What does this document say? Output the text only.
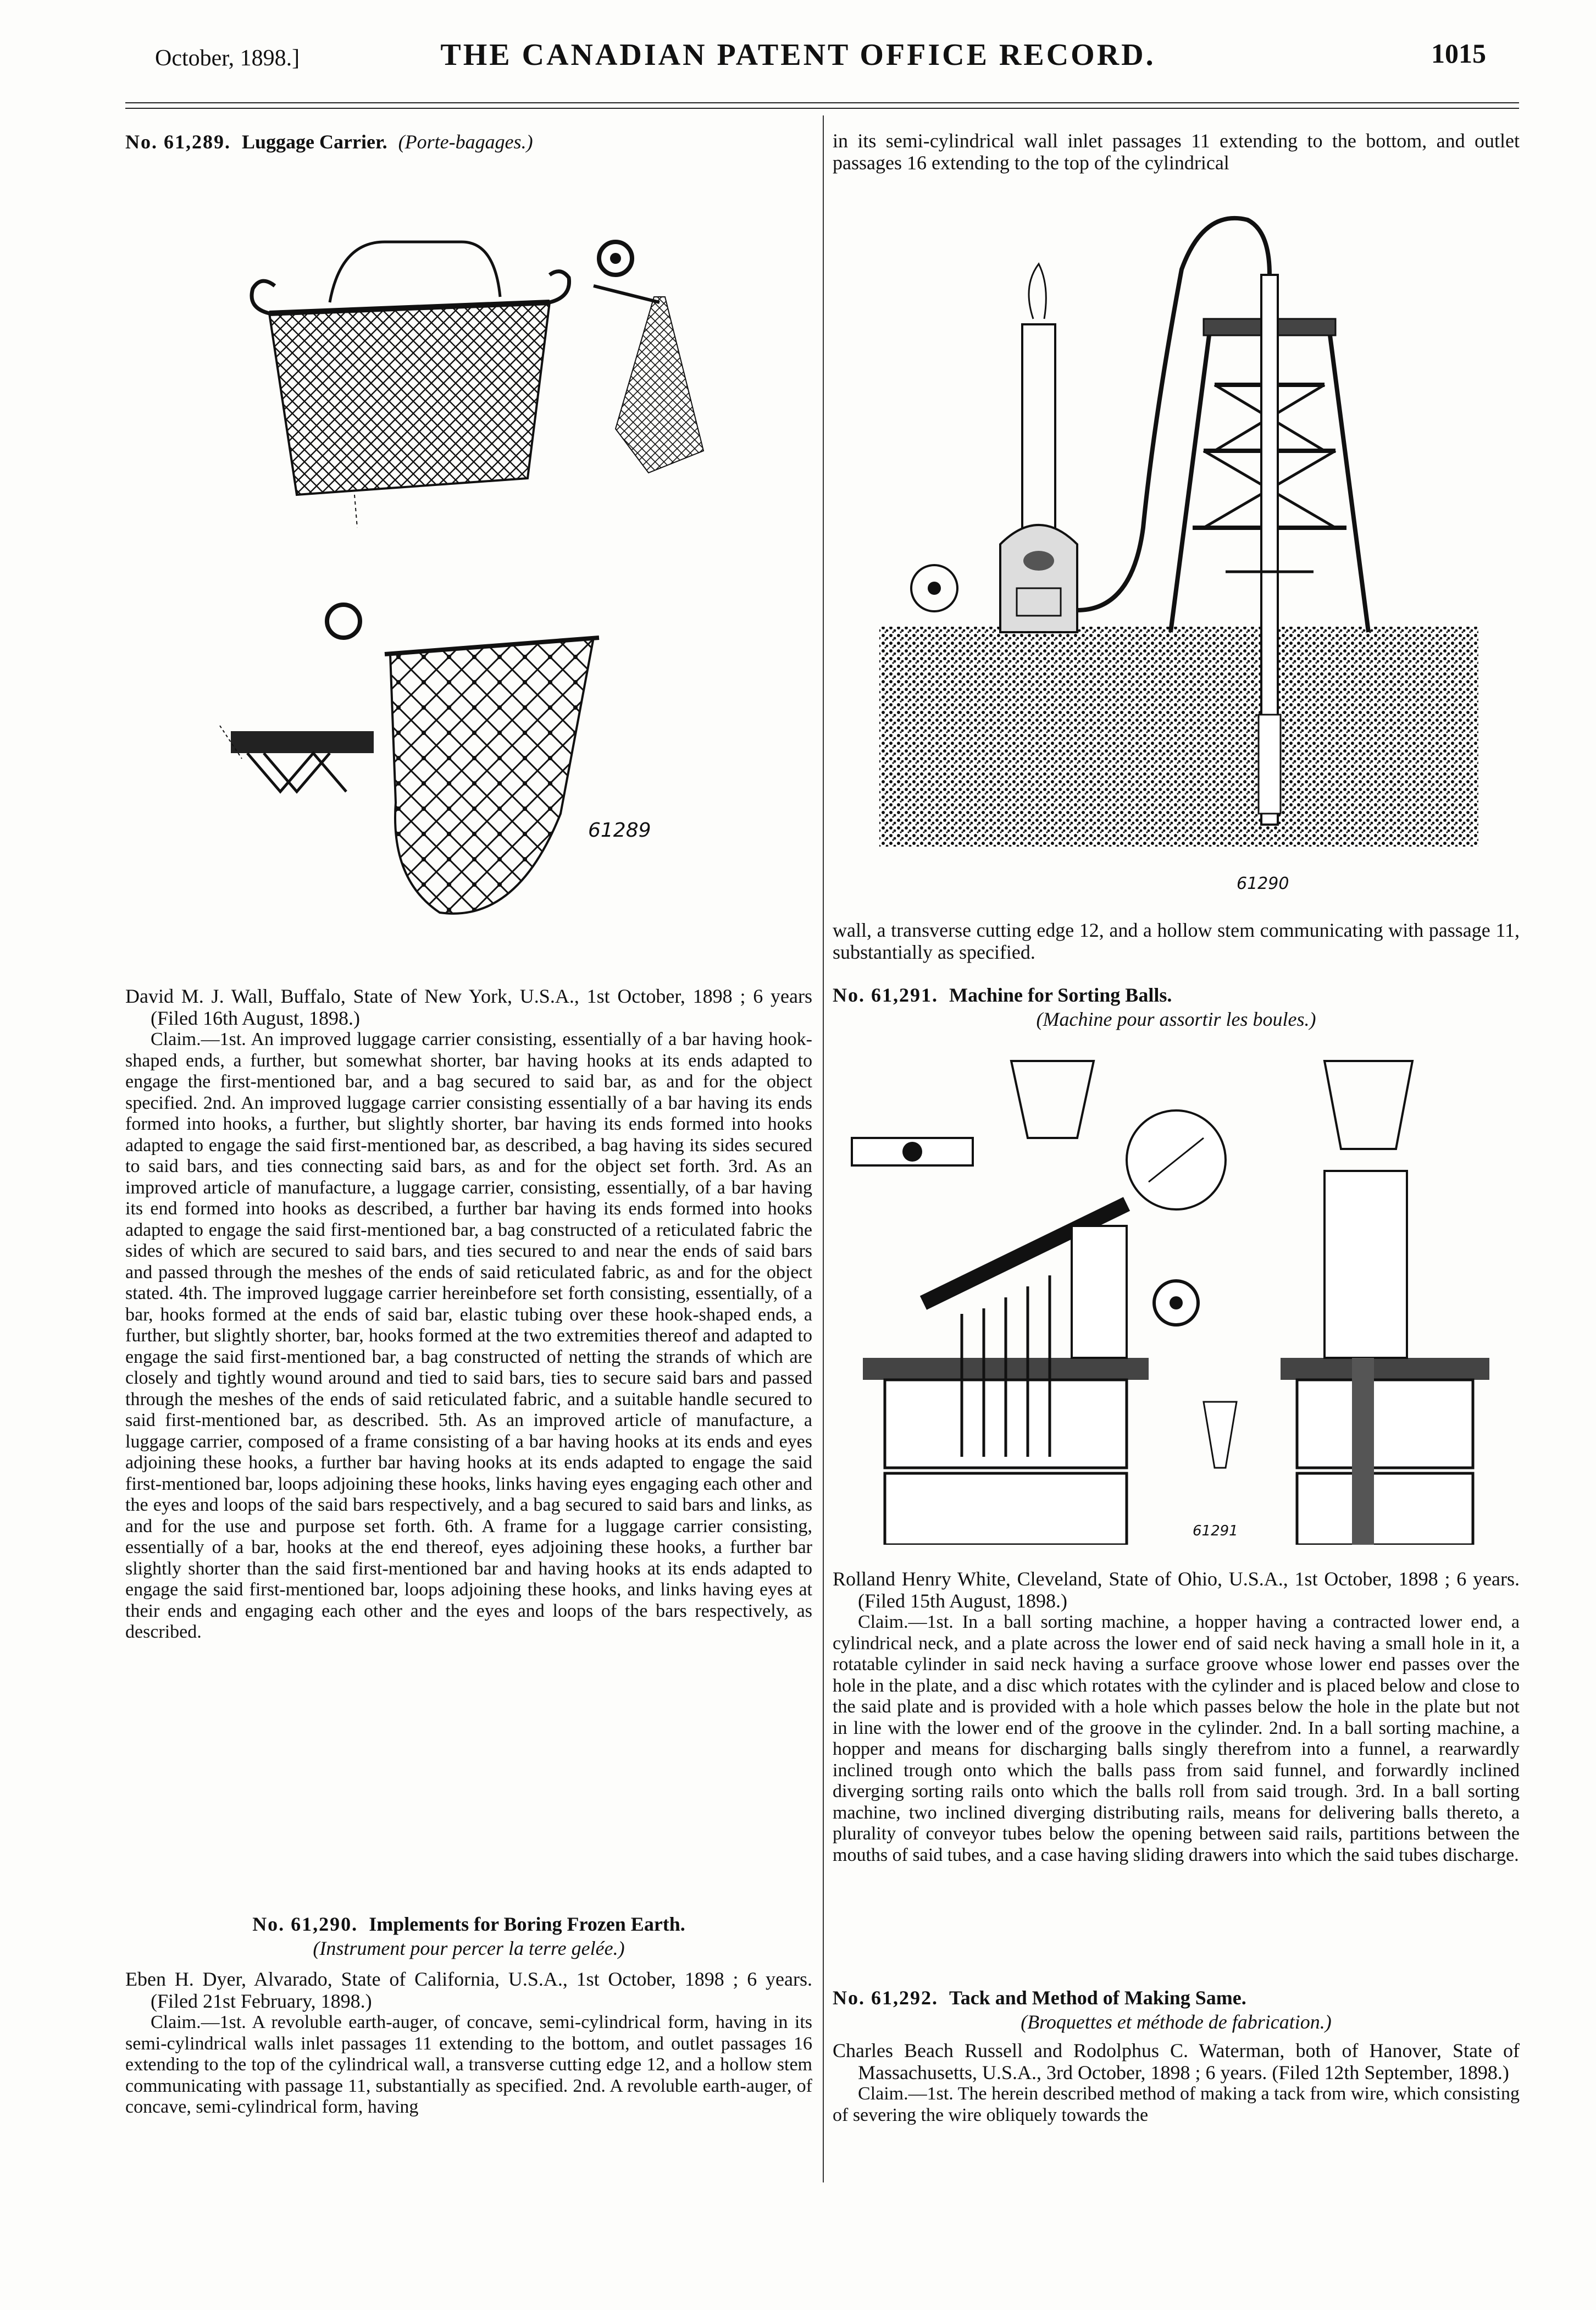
October, 1898.]	THE CANADIAN PATENT OFFICE RECORD.	1015
No. 61,289. Luggage Carrier. (Porte-bagages.)
61289
David M. J. Wall, Buffalo, State of New York, U.S.A., 1st October, 1898 ; 6 years (Filed 16th August, 1898.)

Claim.—1st. An improved luggage carrier consisting, essentially of a bar having hook-shaped ends, a further, but somewhat shorter, bar having hooks at its ends adapted to engage the first-mentioned bar, and a bag secured to said bar, as and for the object specified. 2nd. An improved luggage carrier consisting essentially of a bar having its ends formed into hooks, a further, but slightly shorter, bar having its ends formed into hooks adapted to engage the said first-mentioned bar, as described, a bag having its sides secured to said bars, and ties connecting said bars, as and for the object set forth. 3rd. As an improved article of manufacture, a luggage carrier, consisting, essentially, of a bar having its end formed into hooks as described, a further bar having its ends formed into hooks adapted to engage the said first-mentioned bar, a bag constructed of a reticulated fabric the sides of which are secured to said bars, and ties secured to and near the ends of said bars and passed through the meshes of the ends of said reticulated fabric, as and for the object stated. 4th. The improved luggage carrier hereinbefore set forth consisting, essentially, of a bar, hooks formed at the ends of said bar, elastic tubing over these hook-shaped ends, a further, but slightly shorter, bar, hooks formed at the two extremities thereof and adapted to engage the said first-mentioned bar, a bag constructed of netting the strands of which are closely and tightly wound around and tied to said bars, ties to secure said bars and passed through the meshes of the ends of said reticulated fabric, and a suitable handle secured to said first-mentioned bar, as described. 5th. As an improved article of manufacture, a luggage carrier, composed of a frame consisting of a bar having hooks at its ends and eyes adjoining these hooks, a further bar having hooks at its ends adapted to engage the said first-mentioned bar, loops adjoining these hooks, links having eyes engaging each other and the eyes and loops of the said bars respectively, and a bag secured to said bars and links, as and for the use and purpose set forth. 6th. A frame for a luggage carrier consisting, essentially of a bar, hooks at the end thereof, eyes adjoining these hooks, a further bar slightly shorter than the said first-mentioned bar and having hooks at its ends adapted to engage the said first-mentioned bar, loops adjoining these hooks, and links having eyes at their ends and engaging each other and the eyes and loops of the bars respectively, as described.

No. 61,290. Implements for Boring Frozen Earth.
(Instrument pour percer la terre gelée.)
Eben H. Dyer, Alvarado, State of California, U.S.A., 1st October, 1898 ; 6 years. (Filed 21st February, 1898.)

Claim.—1st. A revoluble earth-auger, of concave, semi-cylindrical form, having in its semi-cylindrical walls inlet passages 11 extending to the bottom, and outlet passages 16 extending to the top of the cylindrical wall, a transverse cutting edge 12, and a hollow stem communicating with passage 11, substantially as specified. 2nd. A revoluble earth-auger, of concave, semi-cylindrical form, having

in its semi-cylindrical wall inlet passages 11 extending to the bottom, and outlet passages 16 extending to the top of the cylindrical

61290

wall, a transverse cutting edge 12, and a hollow stem communicating with passage 11, substantially as specified.

No. 61,291. Machine for Sorting Balls.
(Machine pour assortir les boules.)
61291
Rolland Henry White, Cleveland, State of Ohio, U.S.A., 1st October, 1898 ; 6 years. (Filed 15th August, 1898.)

Claim.—1st. In a ball sorting machine, a hopper having a contracted lower end, a cylindrical neck, and a plate across the lower end of said neck having a small hole in it, a rotatable cylinder in said neck having a surface groove whose lower end passes over the hole in the plate, and a disc which rotates with the cylinder and is placed below and close to the said plate and is provided with a hole which passes below the hole in the plate but not in line with the lower end of the groove in the cylinder. 2nd. In a ball sorting machine, a hopper and means for discharging balls singly therefrom into a funnel, a rearwardly inclined trough onto which the balls pass from said funnel, and forwardly inclined diverging sorting rails onto which the balls roll from said trough. 3rd. In a ball sorting machine, two inclined diverging distributing rails, means for delivering balls thereto, a plurality of conveyor tubes below the opening between said rails, partitions between the mouths of said tubes, and a case having sliding drawers into which the said tubes discharge.

No. 61,292. Tack and Method of Making Same.
(Broquettes et méthode de fabrication.)
Charles Beach Russell and Rodolphus C. Waterman, both of Hanover, State of Massachusetts, U.S.A., 3rd October, 1898 ; 6 years. (Filed 12th September, 1898.)

Claim.—1st. The herein described method of making a tack from wire, which consisting of severing the wire obliquely towards the
